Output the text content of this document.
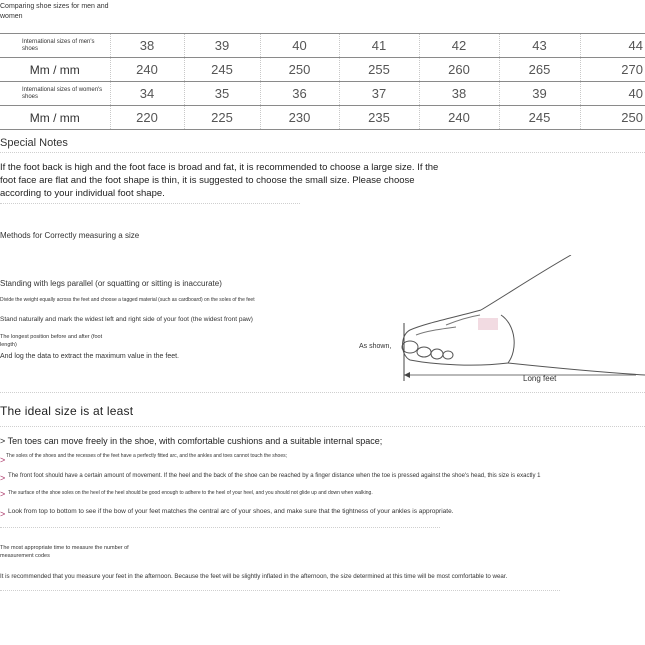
Comparing shoe sizes for men and women
International sizes of men's shoes	38	39	40	41	42	43	44
Mm / mm	240	245	250	255	260	265	270
International sizes of women's shoes	34	35	36	37	38	39	40
Mm / mm	220	225	230	235	240	245	250
Special Notes
If the foot back is high and the foot face is broad and fat, it is recommended to choose a large size. If the foot face are flat and the foot shape is thin, it is suggested to choose the small size. Please choose according to your individual foot shape.
Methods for Correctly measuring a size
Standing with legs parallel (or squatting or sitting is inaccurate)
Divide the weight equally across the feet and choose a tagged material (such as cardboard) on the soles of the feet
Stand naturally and mark the widest left and right side of your foot (the widest front paw)
The longest position before and after (foot length)
And log the data to extract the maximum value in the feet.
As shown,
Long feet
The ideal size is at least
> Ten toes can move freely in the shoe, with comfortable cushions and a suitable internal space;
> The soles of the shoes and the recesses of the feet have a perfectly fitted arc, and the ankles and toes cannot touch the shoes;
> The front foot should have a certain amount of movement. If the heel and the back of the shoe can be reached by a finger distance when the toe is pressed against the shoe's head, this size is exactly 1
> The surface of the shoe soles on the heel of the heel should be good enough to adhere to the heel of your heel, and you should not glide up and down when walking.
> Look from top to bottom to see if the bow of your feet matches the central arc of your shoes, and make sure that the tightness of your ankles is appropriate.
The most appropriate time to measure the number of measurement codes
It is recommended that you measure your feet in the afternoon. Because the feet will be slightly inflated in the afternoon, the size determined at this time will be most comfortable to wear.
